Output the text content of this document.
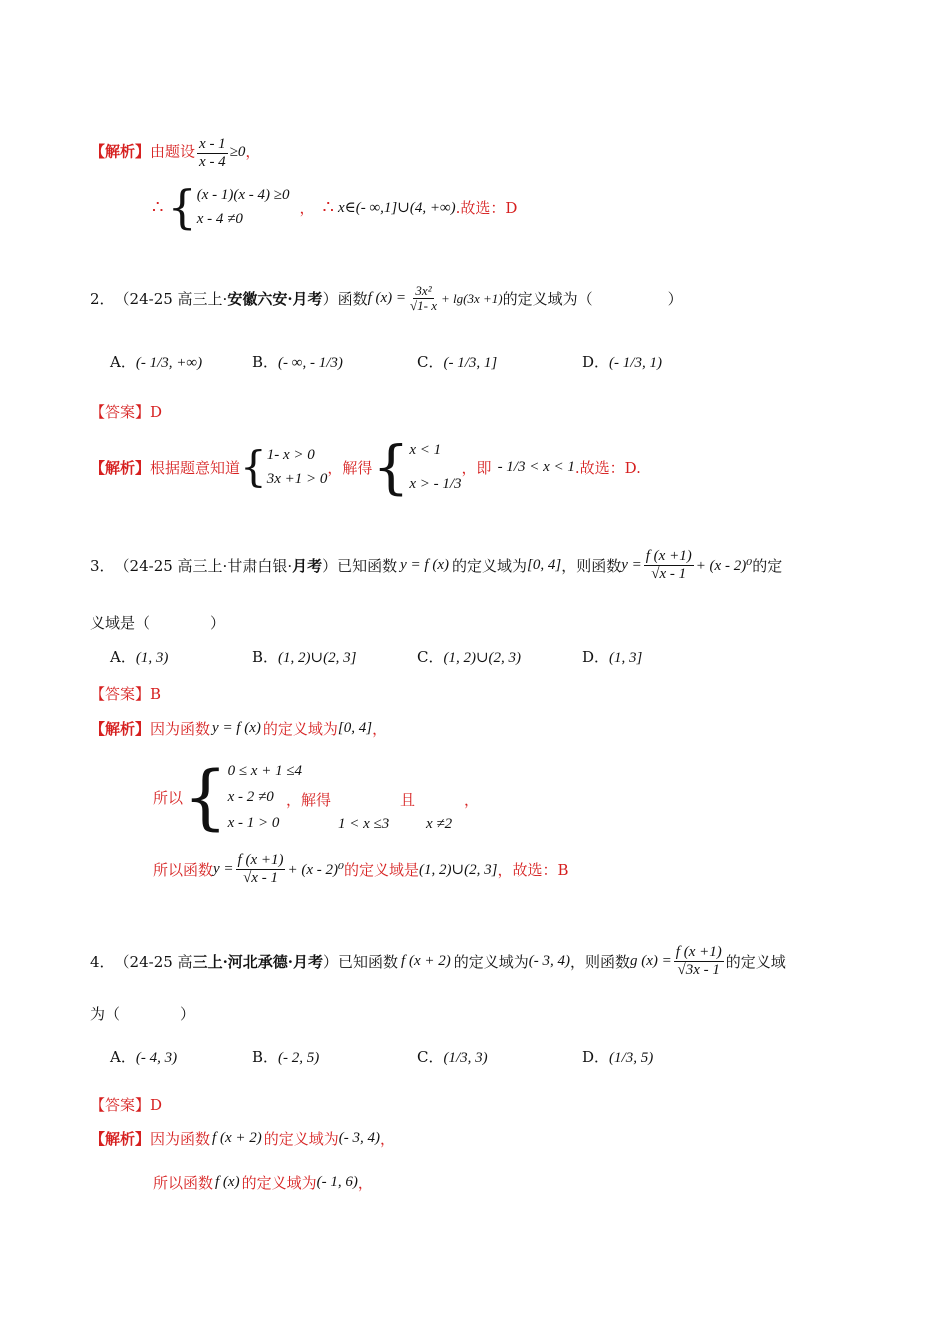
【解析】由题设 $\frac{x - 1}{x - 4} \ge 0$，
∴ { (x - 1)(x - 4) ≥0
x - 4 ≠0
， ∴ x∈(- ∞,1]∪(4, +∞) .故选：D
2． （24-25 高三上· 安徽六安·月考 ）函数 f $(x) = \frac{\text{3x²}}{√1- x} + \lg(3x +1)$ 的定义域为（　　　　　）
A．(- 1/3, +∞)	B．(- ∞, - 1/3)	C．(- 1/3, 1]	D．(- 1/3, 1)
【答案】D
【解析】 根据题意知道 { 1- x > 0
3x +1 > 0
，解得 { x < 1
x > - 1/3
，即 - 1/3 < x < 1 .故选：D.
3． （24-25 高三上·甘肃白银· 月考 ）已知函数 y = f (x) 的定义域为 [0, 4] ，则函数 $y = \frac{f (x +1)}{√x - 1} + (x - 2)^0$ 的定
义域是（　　　　）
A．(1, 3)	B．(1, 2)∪(2, 3]	C．(1, 2)∪(2, 3)	D．(1, 3]
【答案】B
【解析】 因为函数 y = f (x) 的定义域为 [0, 4] ，
所以 { 0 ≤ x + 1 ≤4
x - 2 ≠0
x - 1 > 0
，解得
1 < x ≤3
且
x ≠2
，
所以函数 $y = \frac{f (x +1)}{√x - 1} + (x - 2)^0$ 的定义域是 (1, 2)∪(2, 3] ，故选：B
4． （24-25 高 三上·河北承德·月考 ）已知函数 f (x + 2) 的定义域为 (- 3, 4) ，则函数 g $(x) = \frac{f (x +1)}{√3x - 1}$ 的定义域
为（　　　　）
A．(- 4, 3)	B．(- 2, 5)	C．(1/3, 3)	D．(1/3, 5)
【答案】D
【解析】 因为函数 f (x + 2) 的定义域为 (- 3, 4) ，
所以函数 f (x) 的定义域为 (- 1, 6) ，
